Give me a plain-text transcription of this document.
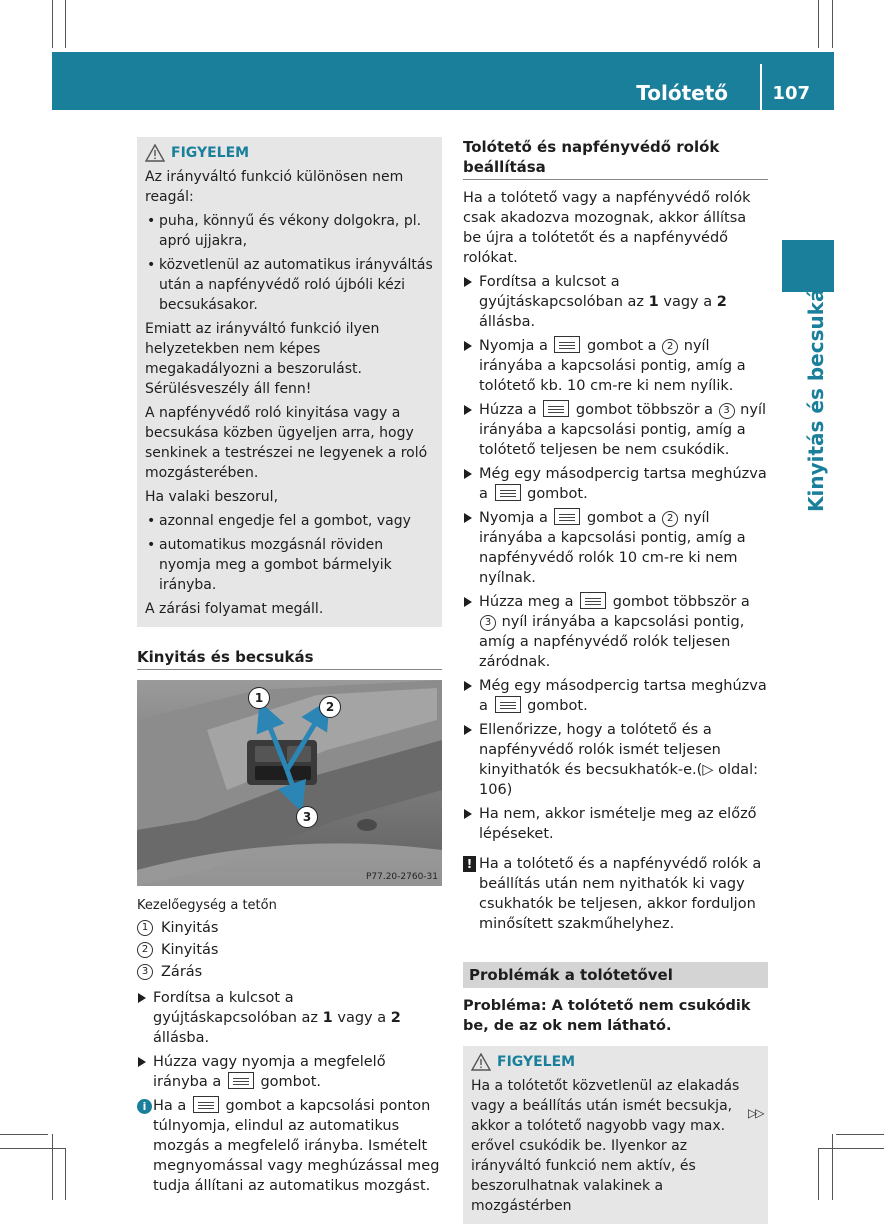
Tolótető 107
Kinyitás és becsukás
FIGYELEM

Az irányváltó funkció különösen nem reagál:

• puha, könnyű és vékony dolgokra, pl. apró ujjakra,
• közvetlenül az automatikus irányváltás után a napfényvédő roló újbóli kézi becsukásakor.

Emiatt az irányváltó funkció ilyen helyzetekben nem képes megakadályozni a beszorulást. Sérülésveszély áll fenn!

A napfényvédő roló kinyitása vagy a becsukása közben ügyeljen arra, hogy senkinek a testrészei ne legyenek a roló mozgásterében.

Ha valaki beszorul,

• azonnal engedje fel a gombot, vagy
• automatikus mozgásnál röviden nyomja meg a gombot bármelyik irányba.

A zárási folyamat megáll.

Kinyitás és becsukás
1
2
3
P77.20-2760-31

Kezelőegység a tetőn

1 Kinyitás
2 Kinyitás
3 Zárás
Fordítsa a kulcsot a gyújtáskapcsolóban az 1 vagy a 2 állásba.
Húzza vagy nyomja a megfelelő irányba a  gombot.
i Ha a  gombot a kapcsolási ponton túlnyomja, elindul az automatikus mozgás a megfelelő irányba. Ismételt megnyomással vagy meghúzással meg tudja állítani az automatikus mozgást.
Tolótető és napfényvédő rolók beállítása

Ha a tolótető vagy a napfényvédő rolók csak akadozva mozognak, akkor állítsa be újra a tolótetőt és a napfényvédő rolókat.

Fordítsa a kulcsot a gyújtáskapcsolóban az 1 vagy a 2 állásba.
Nyomja a  gombot a 2 nyíl irányába a kapcsolási pontig, amíg a tolótető kb. 10 cm-re ki nem nyílik.
Húzza a  gombot többször a 3 nyíl irányába a kapcsolási pontig, amíg a tolótető teljesen be nem csukódik.
Még egy másodpercig tartsa meghúzva a  gombot.
Nyomja a  gombot a 2 nyíl irányába a kapcsolási pontig, amíg a napfényvédő rolók 10 cm-re ki nem nyílnak.
Húzza meg a  gombot többször a 3 nyíl irányába a kapcsolási pontig, amíg a napfényvédő rolók teljesen záródnak.
Még egy másodpercig tartsa meghúzva a  gombot.
Ellenőrizze, hogy a tolótető és a napfényvédő rolók ismét teljesen kinyithatók és becsukhatók-e.(▷ oldal: 106)
Ha nem, akkor ismételje meg az előző lépéseket.
! Ha a tolótető és a napfényvédő rolók a beállítás után nem nyithatók ki vagy csukhatók be teljesen, akkor forduljon minősített szakműhelyhez.
Problémák a tolótetővel

Probléma: A tolótető nem csukódik be, de az ok nem látható.

FIGYELEM

Ha a tolótetőt közvetlenül az elakadás vagy a beállítás után ismét becsukja, akkor a tolótető nagyobb vagy max. erővel csukódik be. Ilyenkor az irányváltó funkció nem aktív, és beszorulhatnak valakinek a mozgástérben

▷▷
